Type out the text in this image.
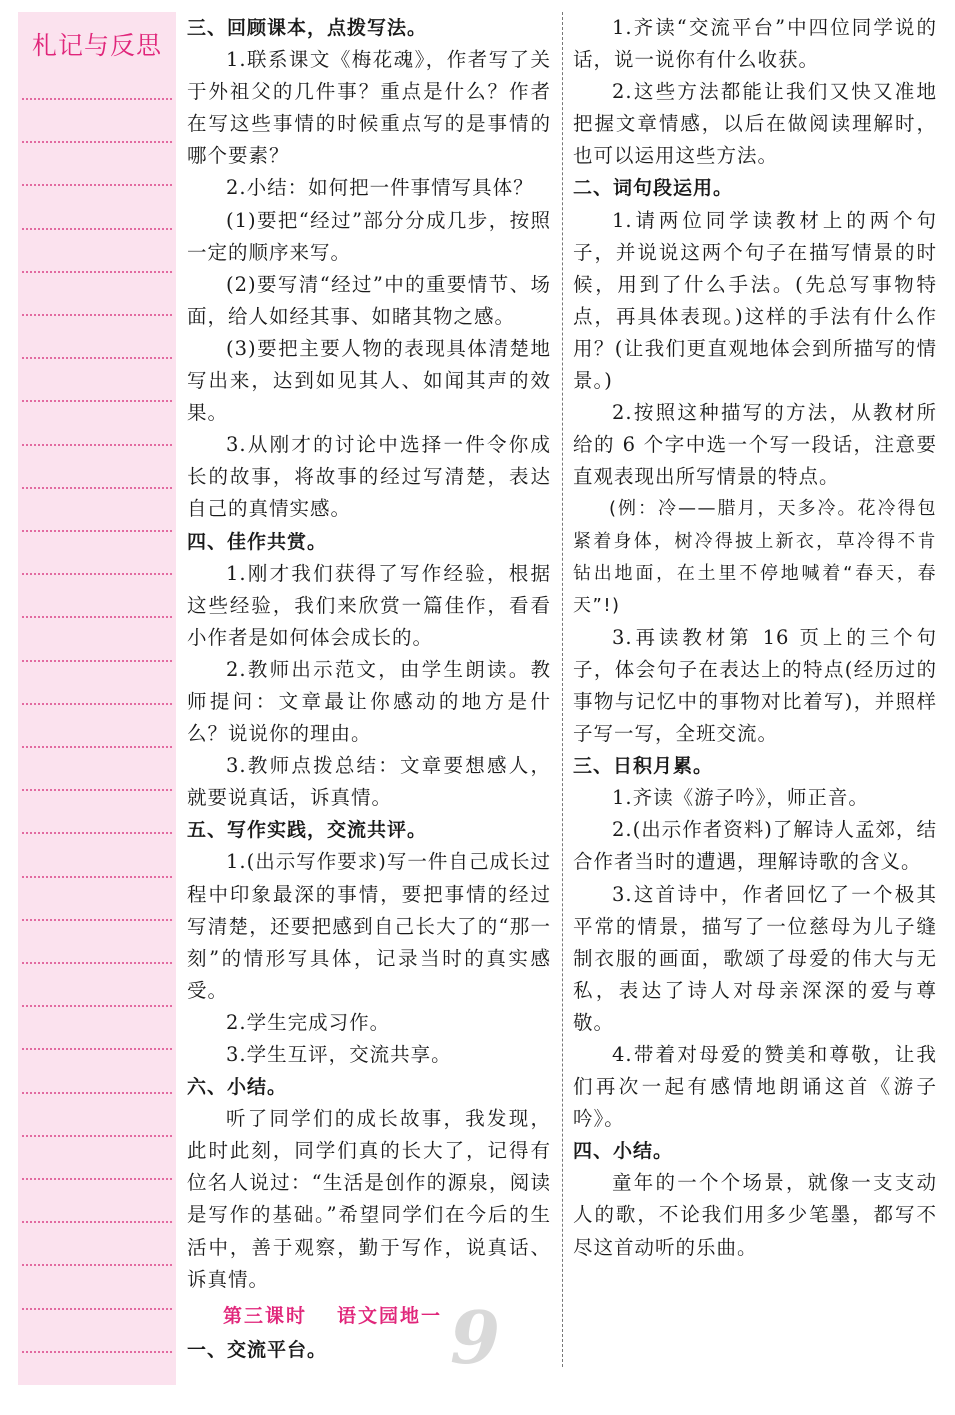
札记与反思

三、回顾课本，点拨写法。

1.联系课文《梅花魂》，作者写了关于外祖父的几件事？重点是什么？作者在写这些事情的时候重点写的是事情的哪个要素？

2.小结：如何把一件事情写具体？

(1)要把“经过”部分分成几步，按照一定的顺序来写。

(2)要写清“经过”中的重要情节、场面，给人如经其事、如睹其物之感。

(3)要把主要人物的表现具体清楚地写出来，达到如见其人、如闻其声的效果。

3.从刚才的讨论中选择一件令你成长的故事，将故事的经过写清楚，表达自己的真情实感。

四、佳作共赏。

1.刚才我们获得了写作经验，根据这些经验，我们来欣赏一篇佳作，看看小作者是如何体会成长的。

2.教师出示范文，由学生朗读。教师提问：文章最让你感动的地方是什么？说说你的理由。

3.教师点拨总结：文章要想感人，就要说真话，诉真情。

五、写作实践，交流共评。

1.(出示写作要求)写一件自己成长过程中印象最深的事情，要把事情的经过写清楚，还要把感到自己长大了的“那一刻”的情形写具体，记录当时的真实感受。

2.学生完成习作。

3.学生互评，交流共享。

六、小结。

听了同学们的成长故事，我发现，此时此刻，同学们真的长大了，记得有位名人说过：“生活是创作的源泉，阅读是写作的基础。”希望同学们在今后的生活中，善于观察，勤于写作，说真话、诉真情。

第三课时 语文园地一

一、交流平台。

1.齐读“交流平台”中四位同学说的话，说一说你有什么收获。

2.这些方法都能让我们又快又准地把握文章情感，以后在做阅读理解时，也可以运用这些方法。

二、词句段运用。

1.请两位同学读教材上的两个句子，并说说这两个句子在描写情景的时候，用到了什么手法。(先总写事物特点，再具体表现。)这样的手法有什么作用？(让我们更直观地体会到所描写的情景。)

2.按照这种描写的方法，从教材所给的 6 个字中选一个写一段话，注意要直观表现出所写情景的特点。

(例：冷——腊月，天多冷。花冷得包紧着身体，树冷得披上新衣，草冷得不肯钻出地面，在土里不停地喊着“春天，春天”!)

3.再读教材第 16 页上的三个句子，体会句子在表达上的特点(经历过的事物与记忆中的事物对比着写)，并照样子写一写，全班交流。

三、日积月累。

1.齐读《游子吟》，师正音。

2.(出示作者资料)了解诗人孟郊，结合作者当时的遭遇，理解诗歌的含义。

3.这首诗中，作者回忆了一个极其平常的情景，描写了一位慈母为儿子缝制衣服的画面，歌颂了母爱的伟大与无私，表达了诗人对母亲深深的爱与尊敬。

4.带着对母爱的赞美和尊敬，让我们再次一起有感情地朗诵这首《游子吟》。

四、小结。

童年的一个个场景，就像一支支动人的歌，不论我们用多少笔墨，都写不尽这首动听的乐曲。

9
